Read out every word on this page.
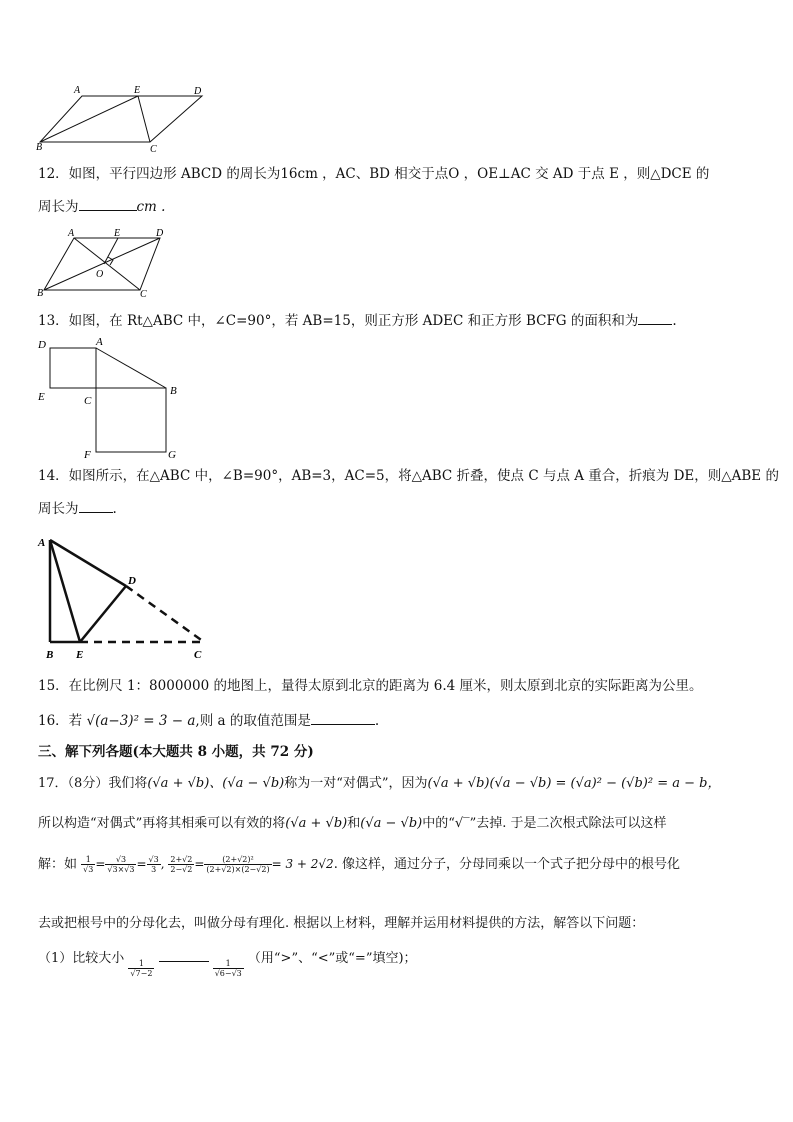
A	E	D
B	C
12．如图，平行四边形 ABCD 的周长为16cm ，AC、BD 相交于点O ，OE⊥AC 交 AD 于点 E ，则△DCE 的
周长为	cm .
A	E	D
O
B	C
13．如图，在 Rt△ABC 中，∠C=90°，若 AB=15，则正方形 ADEC 和正方形 BCFG 的面积和为	.
D	A
E	C
B
F	G
14．如图所示，在△ABC 中，∠B=90°，AB=3，AC=5，将△ABC 折叠，使点 C 与点 A 重合，折痕为 DE，则△ABE 的
周长为	.
A
D
B E	C
15．在比例尺 1：8000000 的地图上，量得太原到北京的距离为 6.4 厘米，则太原到北京的实际距离为公里。
16．若 √(a−3)² = 3 − a,则 a 的取值范围是	.
三、解下列各题(本大题共 8 小题，共 72 分)
17．（8分）我们将(√a + √b)、(√a − √b)称为一对“对偶式”，因为(√a + √b)(√a − √b) = (√a)² − (√b)² = a − b，
所以构造“对偶式”再将其相乘可以有效的将(√a + √b)和(√a − √b)中的“√‾”去掉. 于是二次根式除法可以这样
解：如 $\frac{1}{√3} = \frac{√3}{√3\times√3} = \frac{√3}{3}$ , $\frac{2+√2}{2-√2} = \frac{\text{(2+√2)²}}{(2+√2)\times(2-√2)} = 3 + 2√2$. 像这样，通过分子，分母同乘以一个式子把分母中的根号化
去或把根号中的分母化去，叫做分母有理化. 根据以上材料，理解并运用材料提供的方法，解答以下问题：
（1）比较大小
$\frac{1}{√7-2}$
	$\frac{1}{√6-√3}$
（用“>”、“<”或“=”填空)；
